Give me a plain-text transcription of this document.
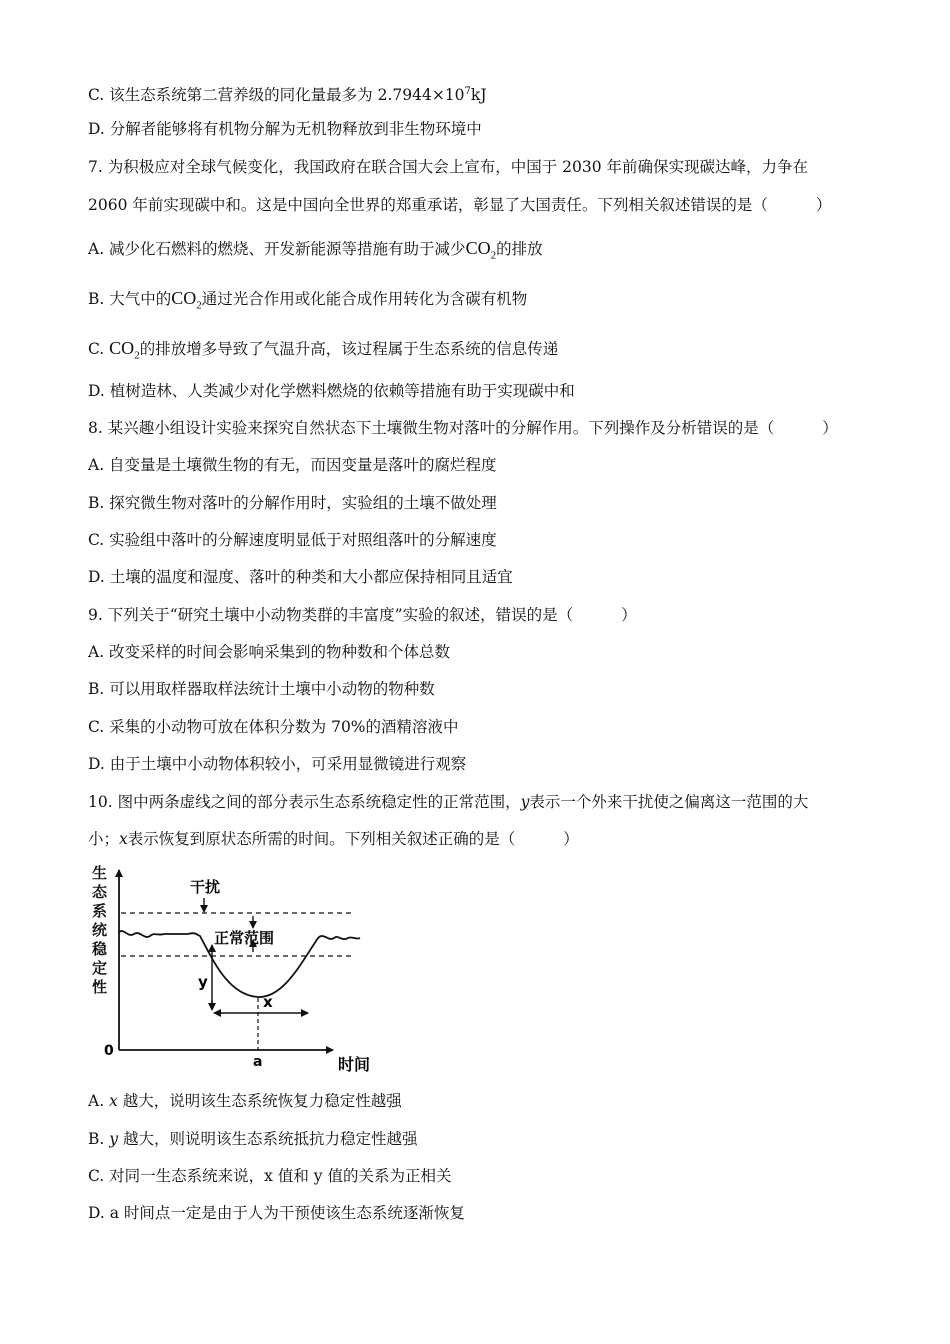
C. 该生态系统第二营养级的同化量最多为 $2.7944\times 10^7kJ$
D. 分解者能够将有机物分解为无机物释放到非生物环境中
7. 为积极应对全球气候变化，我国政府在联合国大会上宣布，中国于 2030 年前确保实现碳达峰，力争在
2060 年前实现碳中和。这是中国向全世界的郑重承诺，彰显了大国责任。下列相关叙述错误的是（	）
A. 减少化石燃料的燃烧、开发新能源等措施有助于减少$CO_2$的排放
B. 大气中的$CO_2$通过光合作用或化能合成作用转化为含碳有机物
C. $CO_2$的排放增多导致了气温升高，该过程属于生态系统的信息传递
D. 植树造林、人类减少对化学燃料燃烧的依赖等措施有助于实现碳中和
8. 某兴趣小组设计实验来探究自然状态下土壤微生物对落叶的分解作用。下列操作及分析错误的是（	）
A. 自变量是土壤微生物的有无，而因变量是落叶的腐烂程度
B. 探究微生物对落叶的分解作用时，实验组的土壤不做处理
C. 实验组中落叶的分解速度明显低于对照组落叶的分解速度
D. 土壤的温度和湿度、落叶的种类和大小都应保持相同且适宜
9. 下列关于“研究土壤中小动物类群的丰富度”实验的叙述，错误的是（	）
A. 改变采样的时间会影响采集到的物种数和个体总数
B. 可以用取样器取样法统计土壤中小动物的物种数
C. 采集的小动物可放在体积分数为 70%的酒精溶液中
D. 由于土壤中小动物体积较小，可采用显微镜进行观察
10. 图中两条虚线之间的部分表示生态系统稳定性的正常范围，y表示一个外来干扰使之偏离这一范围的大
小；x表示恢复到原状态所需的时间。下列相关叙述正确的是（	）
生
态
系
统
稳
定
性
0
时间
干扰
正常范围
y
x
a
A. x 越大，说明该生态系统恢复力稳定性越强
B. y 越大，则说明该生态系统抵抗力稳定性越强
C. 对同一生态系统来说，x 值和 y 值的关系为正相关
D. a 时间点一定是由于人为干预使该生态系统逐渐恢复
